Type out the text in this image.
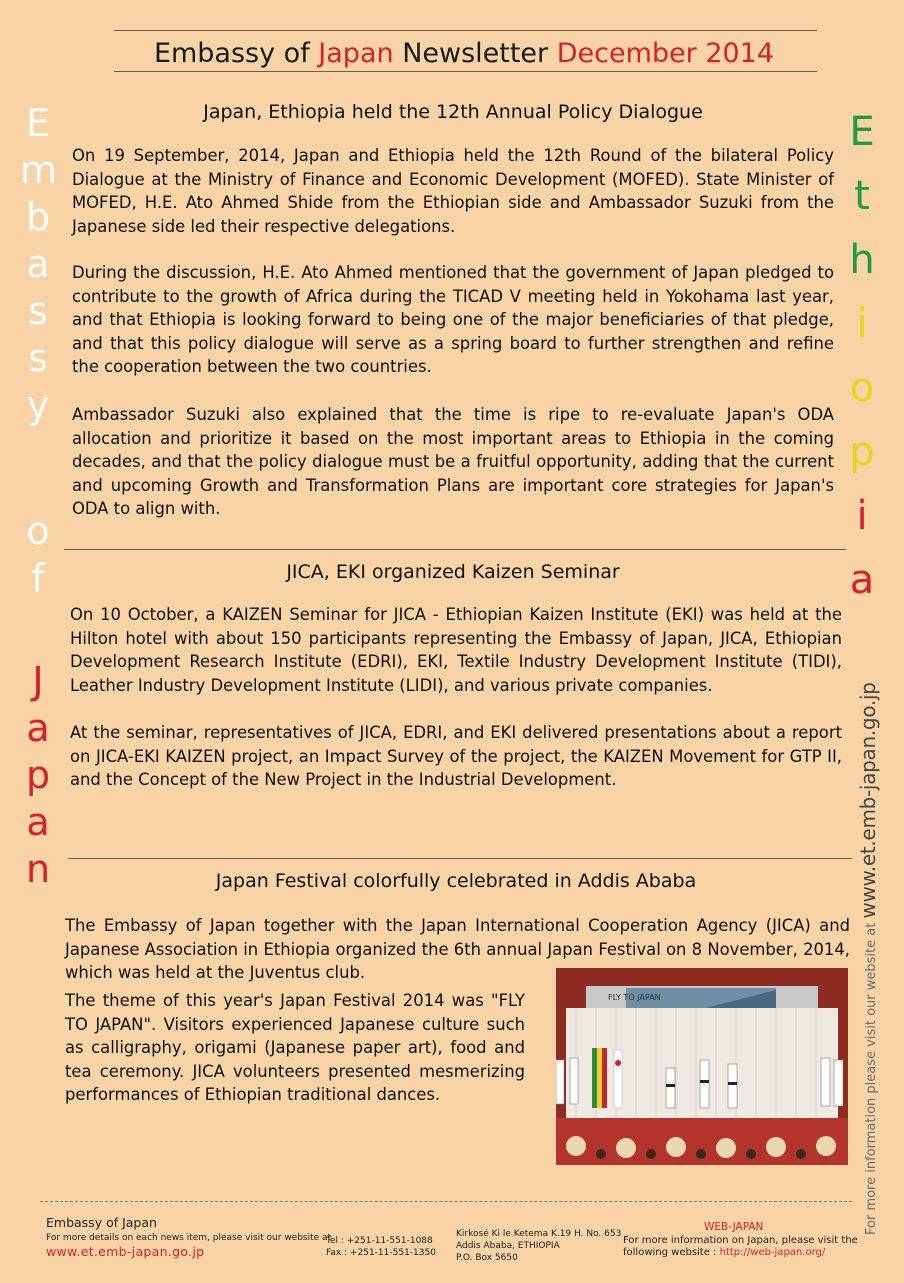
Embassy of Japan Newsletter December 2014
E
m
b
a
s
s
y
o
f
J
a
p
a
n
E
t
h
i
o
p
i
a
Japan, Ethiopia held the 12th Annual Policy Dialogue

On 19 September, 2014, Japan and Ethiopia held the 12th Round of the bilateral Policy Dialogue at the Ministry of Finance and Economic Development (MOFED). State Minister of MOFED, H.E. Ato Ahmed Shide from the Ethiopian side and Ambassador Suzuki from the Japanese side led their respective delegations.

During the discussion, H.E. Ato Ahmed mentioned that the government of Japan pledged to contribute to the growth of Africa during the TICAD V meeting held in Yokohama last year, and that Ethiopia is looking forward to being one of the major beneficiaries of that pledge, and that this policy dialogue will serve as a spring board to further strengthen and refine the cooperation between the two countries.

Ambassador Suzuki also explained that the time is ripe to re-evaluate Japan's ODA allocation and prioritize it based on the most important areas to Ethiopia in the coming decades, and that the policy dialogue must be a fruitful opportunity, adding that the current and upcoming Growth and Transformation Plans are important core strategies for Japan's ODA to align with.

JICA, EKI organized Kaizen Seminar

On 10 October, a KAIZEN Seminar for JICA - Ethiopian Kaizen Institute (EKI) was held at the Hilton hotel with about 150 participants representing the Embassy of Japan, JICA, Ethiopian Development Research Institute (EDRI), EKI, Textile Industry Development Institute (TIDI), Leather Industry Development Institute (LIDI), and various private companies.

At the seminar, representatives of JICA, EDRI, and EKI delivered presentations about a report on JICA-EKI KAIZEN project, an Impact Survey of the project, the KAIZEN Movement for GTP II, and the Concept of the New Project in the Industrial Development.

Japan Festival colorfully celebrated in Addis Ababa

The Embassy of Japan together with the Japan International Cooperation Agency (JICA) and Japanese Association in Ethiopia organized the 6th annual Japan Festival on 8 November, 2014, which was held at the Juventus club.

The theme of this year's Japan Festival 2014 was "FLY TO JAPAN". Visitors experienced Japanese culture such as calligraphy, origami (Japanese paper art), food and tea ceremony. JICA volunteers presented mesmerizing performances of Ethiopian traditional dances.

FLY TO JAPAN	For more information please visit our website at www.et.emb-japan.go.jp
Embassy of Japan
For more details on each news item, please visit our website at
www.et.emb-japan.go.jp
Tel : +251-11-551-1088
Fax : +251-11-551-1350
Kirkosé Ki le Ketema K.19 H. No. 653
Addis Ababa, ETHIOPIA
P.O. Box 5650
WEB-JAPAN
For more information on Japan, please visit the
following website : http://web-japan.org/
